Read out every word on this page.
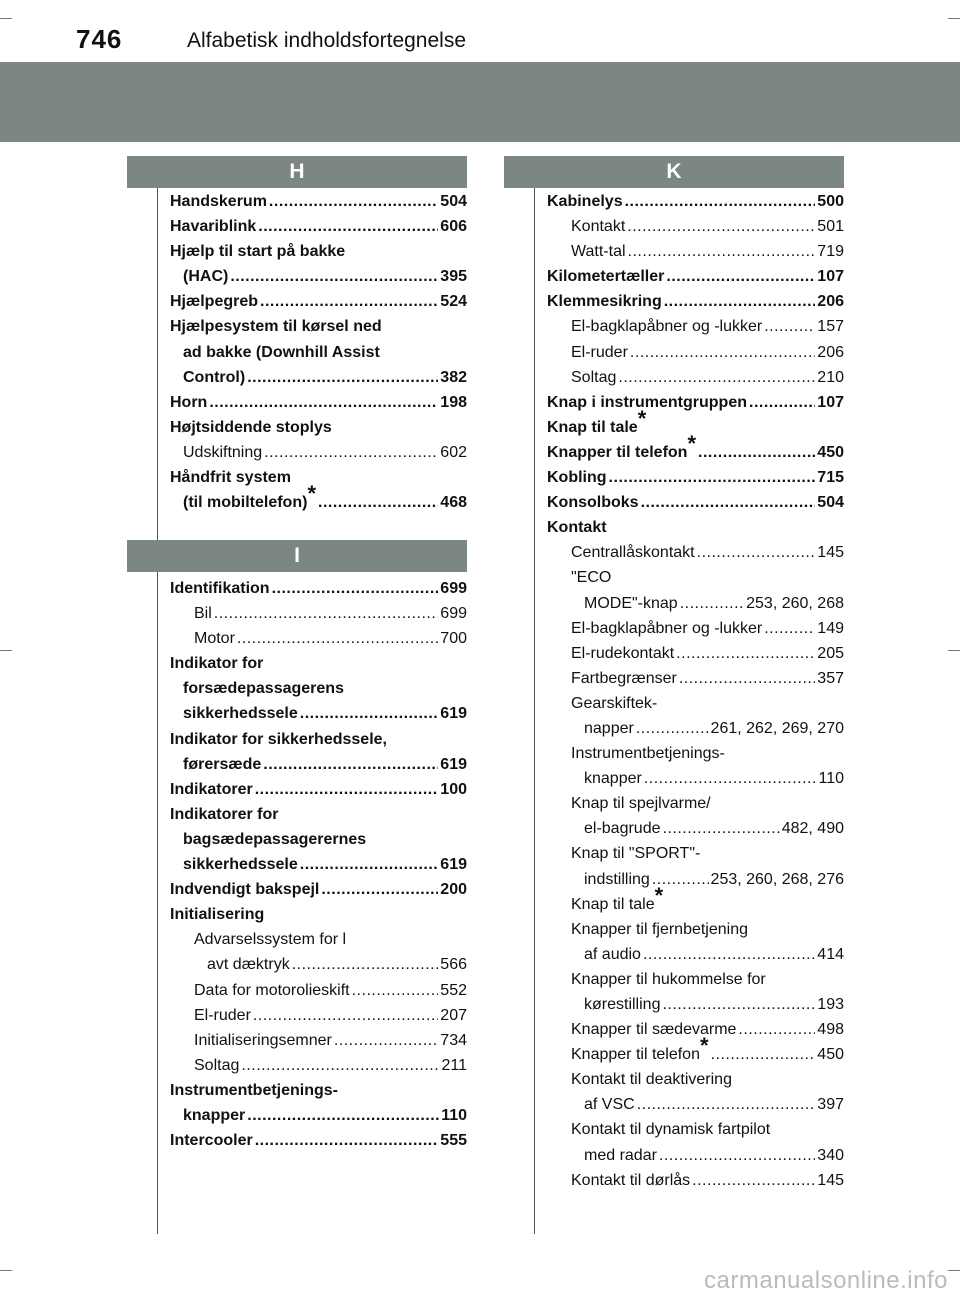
746	Alfabetisk indholdsfortegnelse
H
I
K
Handskerum .....	504
Havariblink .....	606
Hjælp til start på bakke
(HAC) .....	395
Hjælpegreb .....	524
Hjælpesystem til kørsel ned
ad bakke (Downhill Assist
Control) .....	382
Horn .....	198
Højtsiddende stoplys
Udskiftning .....	602
Håndfrit system
(til mobiltelefon)* .....	468
Identifikation .....	699
Bil .....	699
Motor .....	700
Indikator for
forsædepassagerens
sikkerhedssele .....	619
Indikator for sikkerhedssele,
førersæde .....	619
Indikatorer .....	100
Indikatorer for
bagsædepassagerernes
sikkerhedssele .....	619
Indvendigt bakspejl .....	200
Initialisering
Advarselssystem for l
avt dæktryk .....	566
Data for motorolieskift .....	552
El-ruder .....	207
Initialiseringsemner .....	734
Soltag .....	211
Instrumentbetjenings-
knapper .....	110
Intercooler .....	555
Kabinelys .....	500
Kontakt .....	501
Watt-tal .....	719
Kilometertæller .....	107
Klemmesikring .....	206
El-bagklapåbner og -lukker .....	157
El-ruder .....	206
Soltag .....	210
Knap i instrumentgruppen .....	107
Knap til tale*
Knapper til telefon* .....	450
Kobling .....	715
Konsolboks .....	504
Kontakt
Centrallåskontakt .....	145
"ECO
MODE"-knap .....	253, 260, 268
El-bagklapåbner og -lukker .....	149
El-rudekontakt .....	205
Fartbegrænser .....	357
Gearskiftek-
napper .....	261, 262, 269, 270
Instrumentbetjenings-
knapper .....	110
Knap til spejlvarme/
el-bagrude .....	482, 490
Knap til "SPORT"-
indstilling .....	253, 260, 268, 276
Knap til tale*
Knapper til fjernbetjening
af audio .....	414
Knapper til hukommelse for
kørestilling .....	193
Knapper til sædevarme .....	498
Knapper til telefon* .....	450
Kontakt til deaktivering
af VSC .....	397
Kontakt til dynamisk fartpilot
med radar .....	340
Kontakt til dørlås .....	145
carmanualsonline.info
